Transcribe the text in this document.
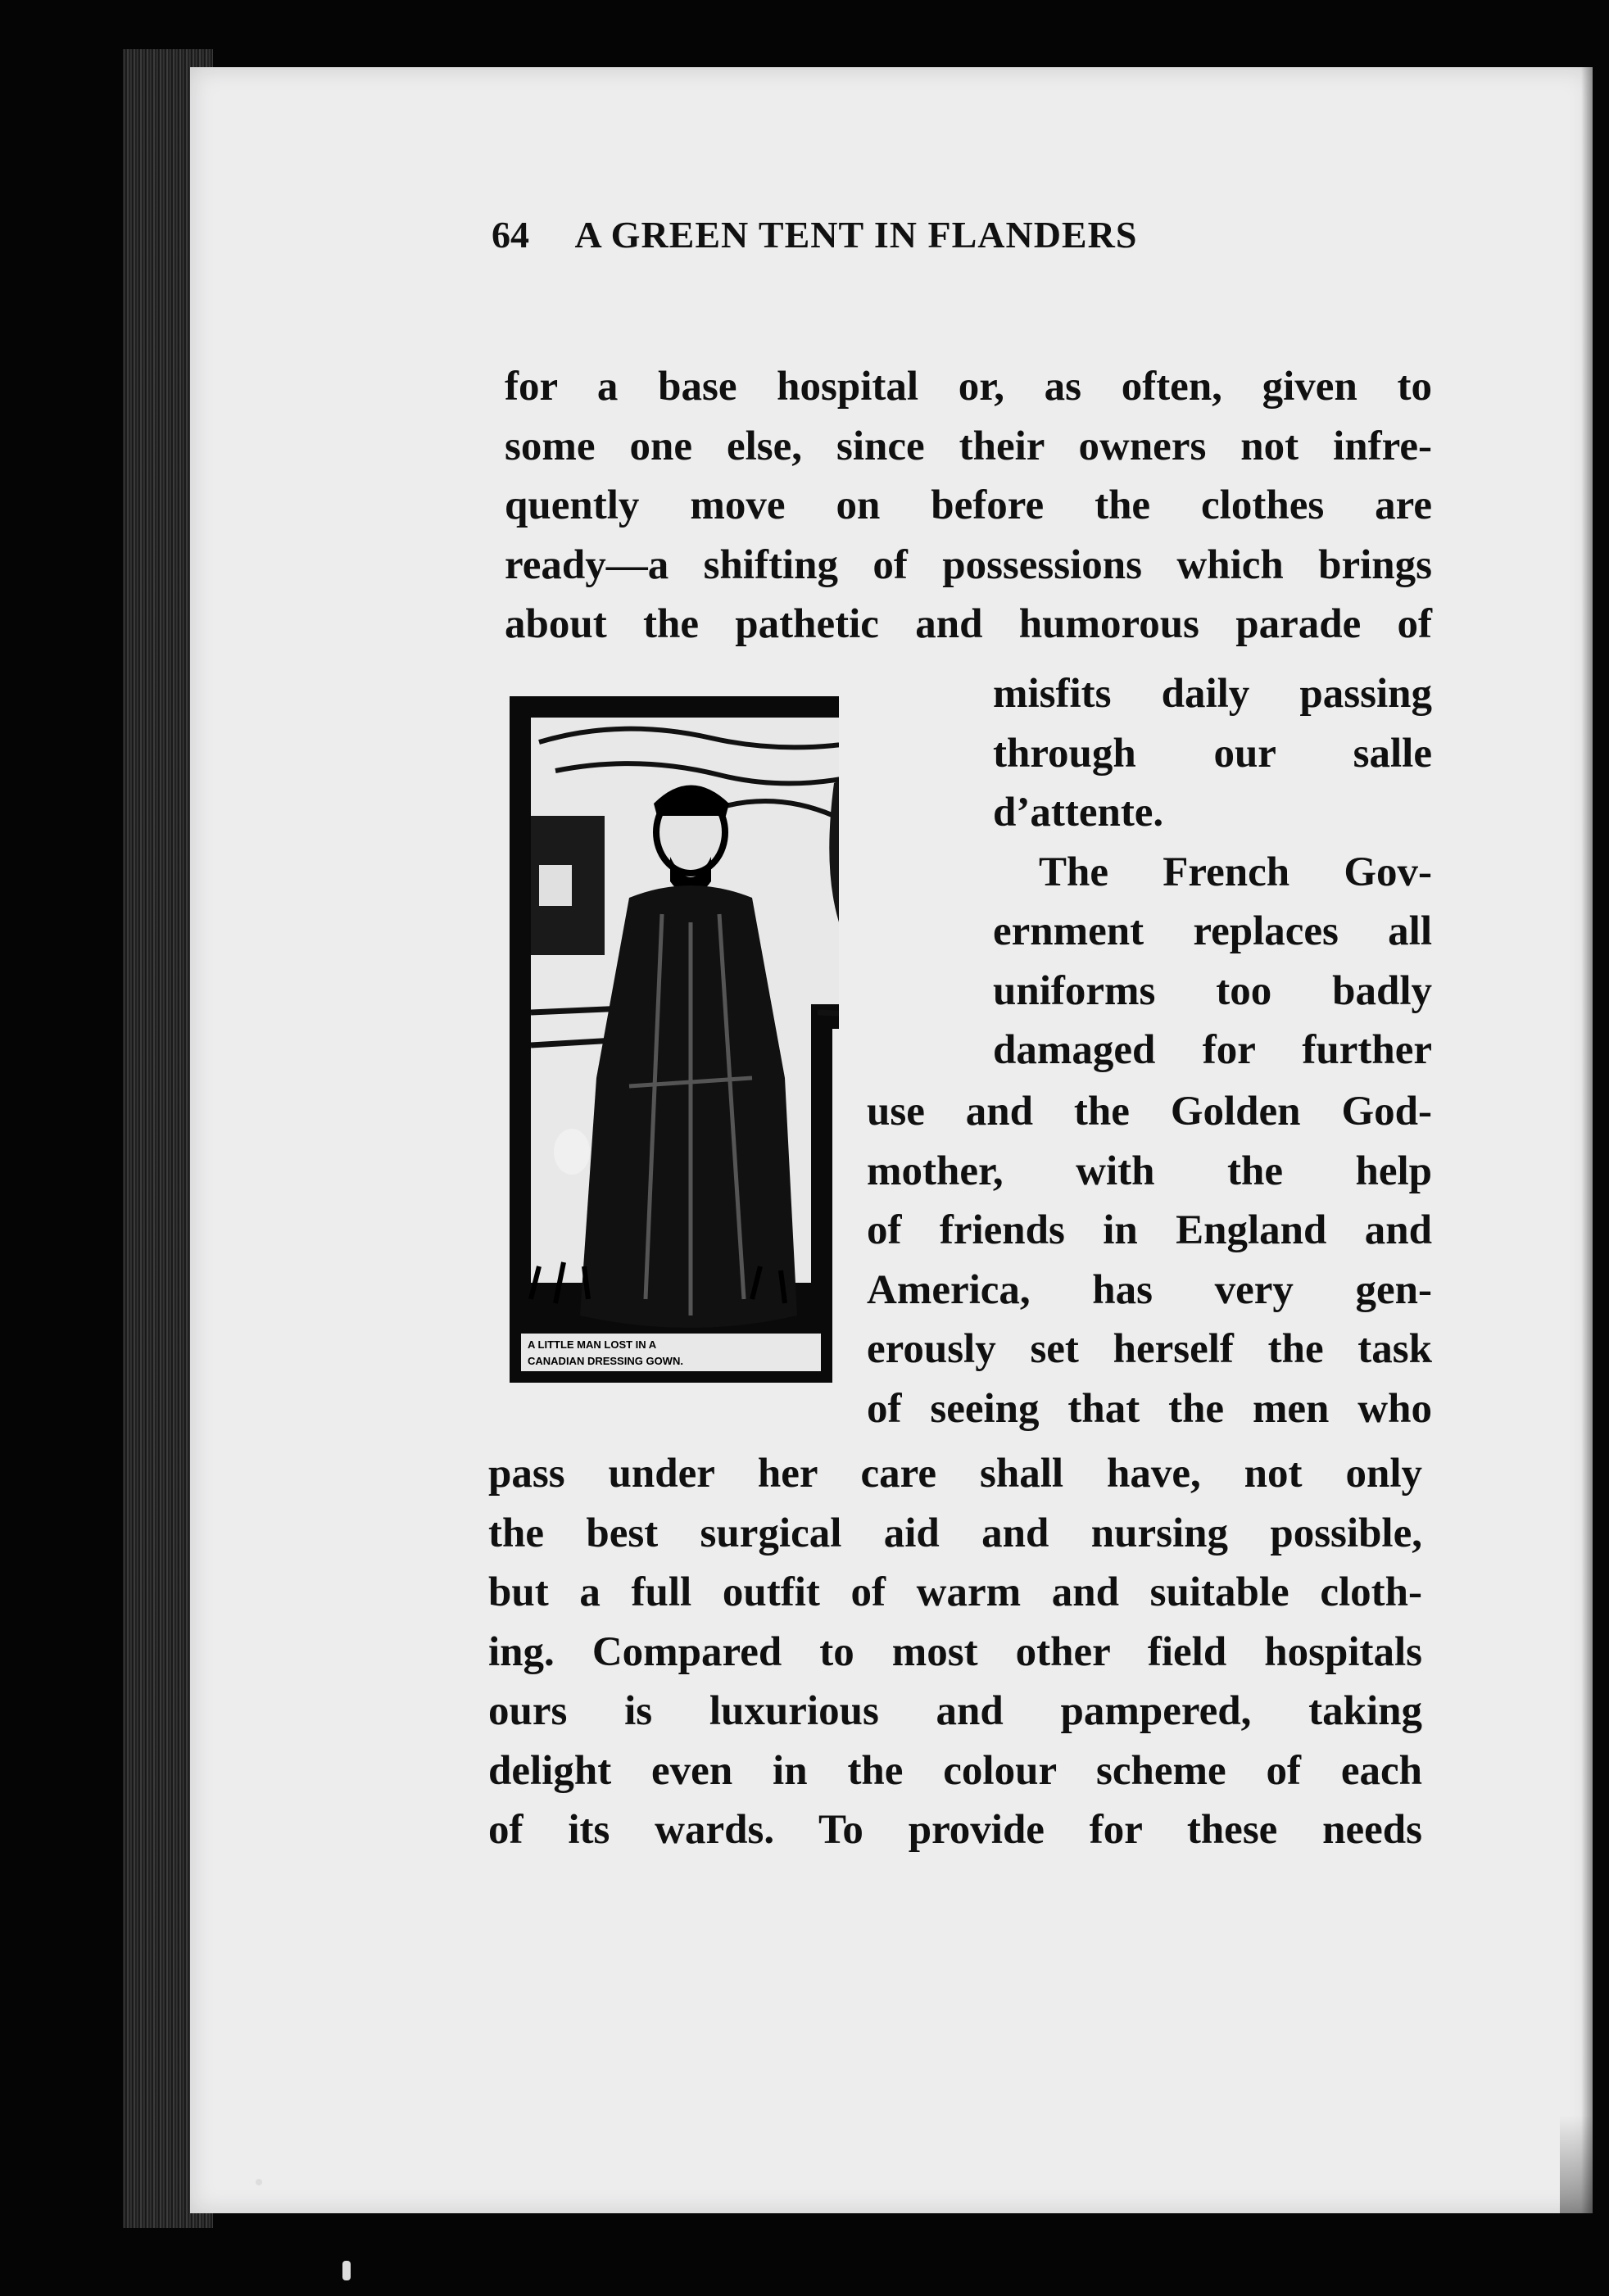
64 A GREEN TENT IN FLANDERS
for a base hospital or, as often, given to
some one else, since their owners not infre-
quently move on before the clothes are
ready—a shifting of possessions which brings
about the pathetic and humorous parade of
misfits daily passing
through our salle
d’attente.
The French Gov-
ernment replaces all
uniforms too badly
damaged for further
use and the Golden God-
mother, with the help
of friends in England and
America, has very gen-
erously set herself the task
of seeing that the men who
pass under her care shall have, not only
the best surgical aid and nursing possible,
but a full outfit of warm and suitable cloth-
ing. Compared to most other field hospitals
ours is luxurious and pampered, taking
delight even in the colour scheme of each
of its wards. To provide for these needs
A LITTLE MAN LOST IN A
CANADIAN DRESSING GOWN.
